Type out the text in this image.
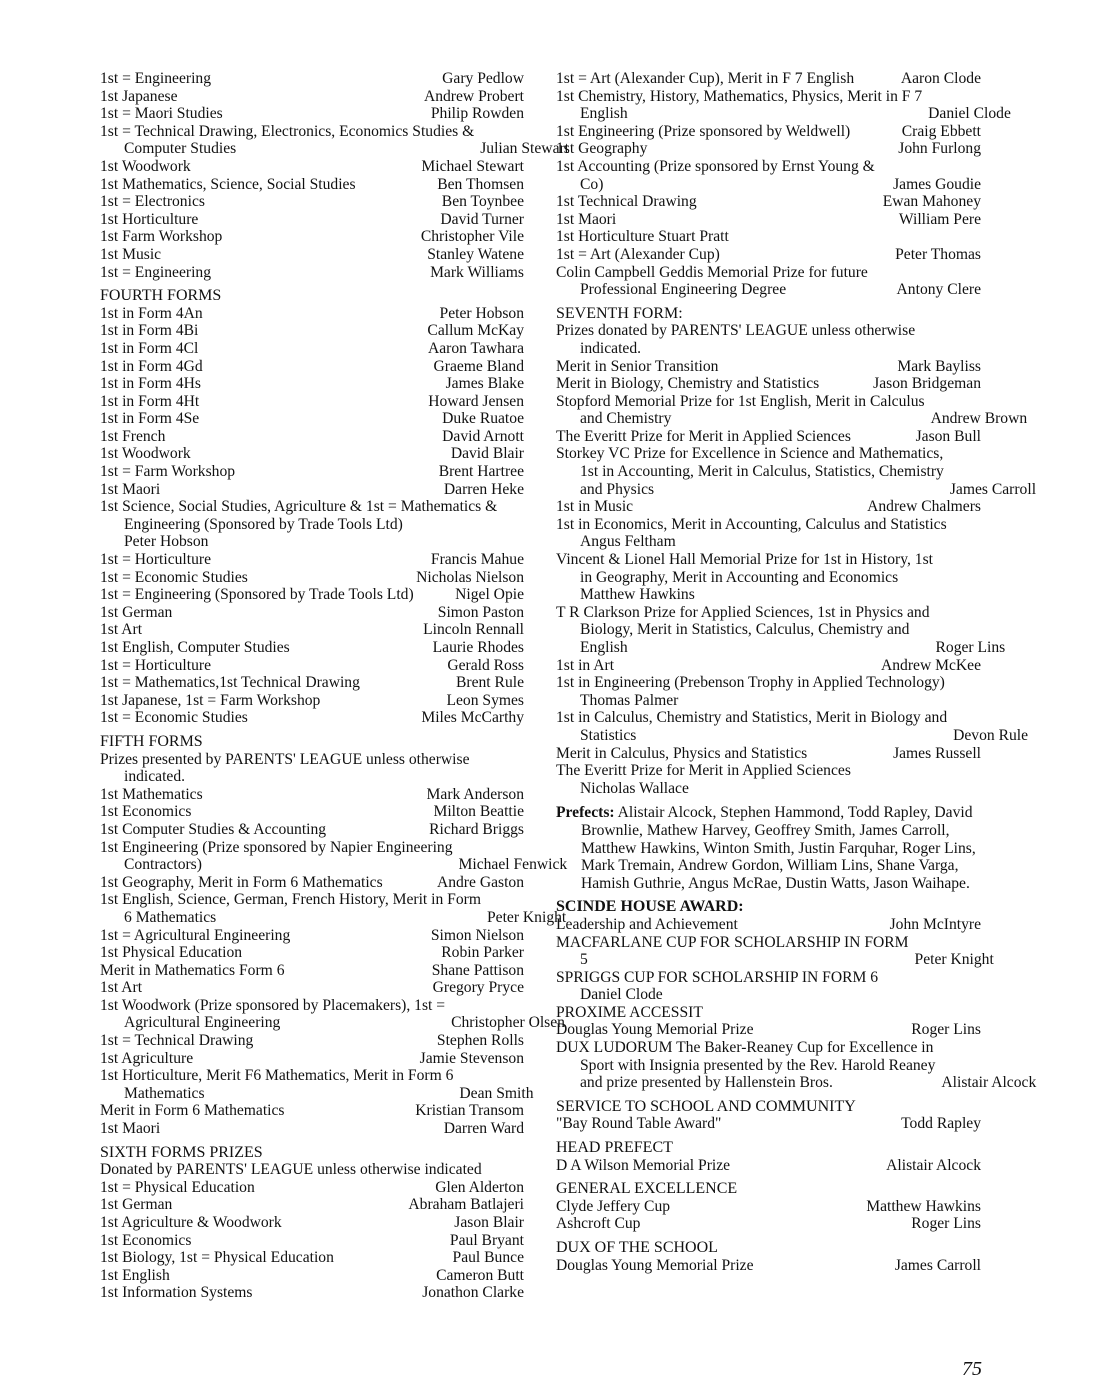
1st = Engineering	Gary Pedlow
1st Japanese	Andrew Probert
1st = Maori Studies	Philip Rowden
1st = Technical Drawing, Electronics, Economics Studies &
Computer Studies	Julian Stewart
1st Woodwork	Michael Stewart
1st Mathematics, Science, Social Studies	Ben Thomsen
1st = Electronics	Ben Toynbee
1st Horticulture	David Turner
1st Farm Workshop	Christopher Vile
1st Music	Stanley Watene
1st = Engineering	Mark Williams
FOURTH FORMS
1st in Form 4An	Peter Hobson
1st in Form 4Bi	Callum McKay
1st in Form 4Cl	Aaron Tawhara
1st in Form 4Gd	Graeme Bland
1st in Form 4Hs	James Blake
1st in Form 4Ht	Howard Jensen
1st in Form 4Se	Duke Ruatoe
1st French	David Arnott
1st Woodwork	David Blair
1st = Farm Workshop	Brent Hartree
1st Maori	Darren Heke
1st Science, Social Studies, Agriculture & 1st = Mathematics &
Engineering (Sponsored by Trade Tools Ltd)
Peter Hobson
1st = Horticulture	Francis Mahue
1st = Economic Studies	Nicholas Nielson
1st = Engineering (Sponsored by Trade Tools Ltd)	Nigel Opie
1st German	Simon Paston
1st Art	Lincoln Rennall
1st English, Computer Studies	Laurie Rhodes
1st = Horticulture	Gerald Ross
1st = Mathematics,1st Technical Drawing	Brent Rule
1st Japanese, 1st = Farm Workshop	Leon Symes
1st = Economic Studies	Miles McCarthy
FIFTH FORMS
Prizes presented by PARENTS' LEAGUE unless otherwise
indicated.
1st Mathematics	Mark Anderson
1st Economics	Milton Beattie
1st Computer Studies & Accounting	Richard Briggs
1st Engineering (Prize sponsored by Napier Engineering
Contractors)	Michael Fenwick
1st Geography, Merit in Form 6 Mathematics	Andre Gaston
1st English, Science, German, French History, Merit in Form
6 Mathematics	Peter Knight
1st = Agricultural Engineering	Simon Nielson
1st Physical Education	Robin Parker
Merit in Mathematics Form 6	Shane Pattison
1st Art	Gregory Pryce
1st Woodwork (Prize sponsored by Placemakers), 1st =
Agricultural Engineering	Christopher Olsen
1st = Technical Drawing	Stephen Rolls
1st Agriculture	Jamie Stevenson
1st Horticulture, Merit F6 Mathematics, Merit in Form 6
Mathematics	Dean Smith
Merit in Form 6 Mathematics	Kristian Transom
1st Maori	Darren Ward
SIXTH FORMS PRIZES
Donated by PARENTS' LEAGUE unless otherwise indicated
1st = Physical Education	Glen Alderton
1st German	Abraham Batlajeri
1st Agriculture & Woodwork	Jason Blair
1st Economics	Paul Bryant
1st Biology, 1st = Physical Education	Paul Bunce
1st English	Cameron Butt
1st Information Systems	Jonathon Clarke
1st = Art (Alexander Cup), Merit in F 7 English	Aaron Clode
1st Chemistry, History, Mathematics, Physics, Merit in F 7
English	Daniel Clode
1st Engineering (Prize sponsored by Weldwell)	Craig Ebbett
1st Geography	John Furlong
1st Accounting (Prize sponsored by Ernst Young &
Co)	James Goudie
1st Technical Drawing	Ewan Mahoney
1st Maori	William Pere
1st Horticulture Stuart Pratt
1st = Art (Alexander Cup)	Peter Thomas
Colin Campbell Geddis Memorial Prize for future
Professional Engineering Degree	Antony Clere
SEVENTH FORM:
Prizes donated by PARENTS' LEAGUE unless otherwise
indicated.
Merit in Senior Transition	Mark Bayliss
Merit in Biology, Chemistry and Statistics	Jason Bridgeman
Stopford Memorial Prize for 1st English, Merit in Calculus
and Chemistry	Andrew Brown
The Everitt Prize for Merit in Applied Sciences	Jason Bull
Storkey VC Prize for Excellence in Science and Mathematics,
1st in Accounting, Merit in Calculus, Statistics, Chemistry
and Physics	James Carroll
1st in Music	Andrew Chalmers
1st in Economics, Merit in Accounting, Calculus and Statistics
Angus Feltham
Vincent & Lionel Hall Memorial Prize for 1st in History, 1st
in Geography, Merit in Accounting and Economics
Matthew Hawkins
T R Clarkson Prize for Applied Sciences, 1st in Physics and
Biology, Merit in Statistics, Calculus, Chemistry and
English	Roger Lins
1st in Art	Andrew McKee
1st in Engineering (Prebenson Trophy in Applied Technology)
Thomas Palmer
1st in Calculus, Chemistry and Statistics, Merit in Biology and
Statistics	Devon Rule
Merit in Calculus, Physics and Statistics	James Russell
The Everitt Prize for Merit in Applied Sciences
Nicholas Wallace
Prefects: Alistair Alcock, Stephen Hammond, Todd Rapley, David Brownlie, Mathew Harvey, Geoffrey Smith, James Carroll, Matthew Hawkins, Winton Smith, Justin Farquhar, Roger Lins, Mark Tremain, Andrew Gordon, William Lins, Shane Varga, Hamish Guthrie, Angus McRae, Dustin Watts, Jason Waihape.
SCINDE HOUSE AWARD:
Leadership and Achievement	John McIntyre
MACFARLANE CUP FOR SCHOLARSHIP IN FORM
5	Peter Knight
SPRIGGS CUP FOR SCHOLARSHIP IN FORM 6
Daniel Clode
PROXIME ACCESSIT
Douglas Young Memorial Prize	Roger Lins
DUX LUDORUM The Baker-Reaney Cup for Excellence in
Sport with Insignia presented by the Rev. Harold Reaney
and prize presented by Hallenstein Bros.	Alistair Alcock
SERVICE TO SCHOOL AND COMMUNITY
"Bay Round Table Award"	Todd Rapley
HEAD PREFECT
D A Wilson Memorial Prize	Alistair Alcock
GENERAL EXCELLENCE
Clyde Jeffery Cup	Matthew Hawkins
Ashcroft Cup	Roger Lins
DUX OF THE SCHOOL
Douglas Young Memorial Prize	James Carroll
75
